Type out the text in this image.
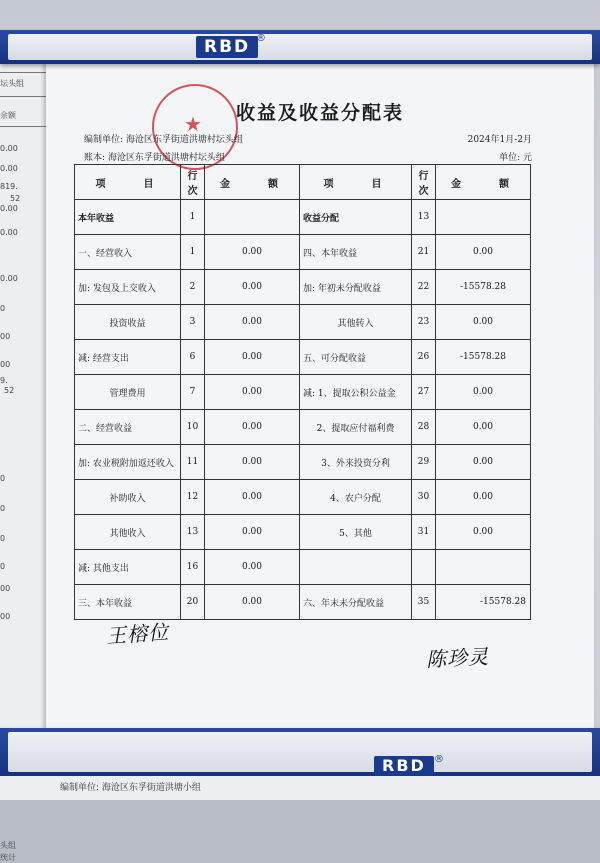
坛头组
余额
0.00
0.00
0.00
819.
52
0.00
0.00
0
00
00
9.
52
0
0
0
0
00
00
头组
统计
★	收益及收益分配表
编制单位: 海沧区东孚街道洪塘村坛头组
账本: 海沧区东孚街道洪塘村坛头组
2024年1月-2月
单位: 元
项　　目	行次	金　　额	项　　目	行次	金　　额
本年收益	1		收益分配	13	
一、经营收入	1	0.00	四、本年收益	21	0.00
加: 发包及上交收入	2	0.00	加: 年初未分配收益	22	-15578.28
投资收益	3	0.00	其他转入	23	0.00
减: 经营支出	6	0.00	五、可分配收益	26	-15578.28
管理费用	7	0.00	减: 1、提取公积公益金	27	0.00
二、经营收益	10	0.00	2、提取应付福利费	28	0.00
加: 农业税附加返还收入	11	0.00	3、外来投资分利	29	0.00
补助收入	12	0.00	4、农户分配	30	0.00
其他收入	13	0.00	5、其他	31	0.00
减: 其他支出	16	0.00			
三、本年收益	20	0.00	六、年末未分配收益	35	-15578.28
王榕位
陈珍灵
RBD ®
RBD ®
编制单位: 海沧区东孚街道洪塘小组
